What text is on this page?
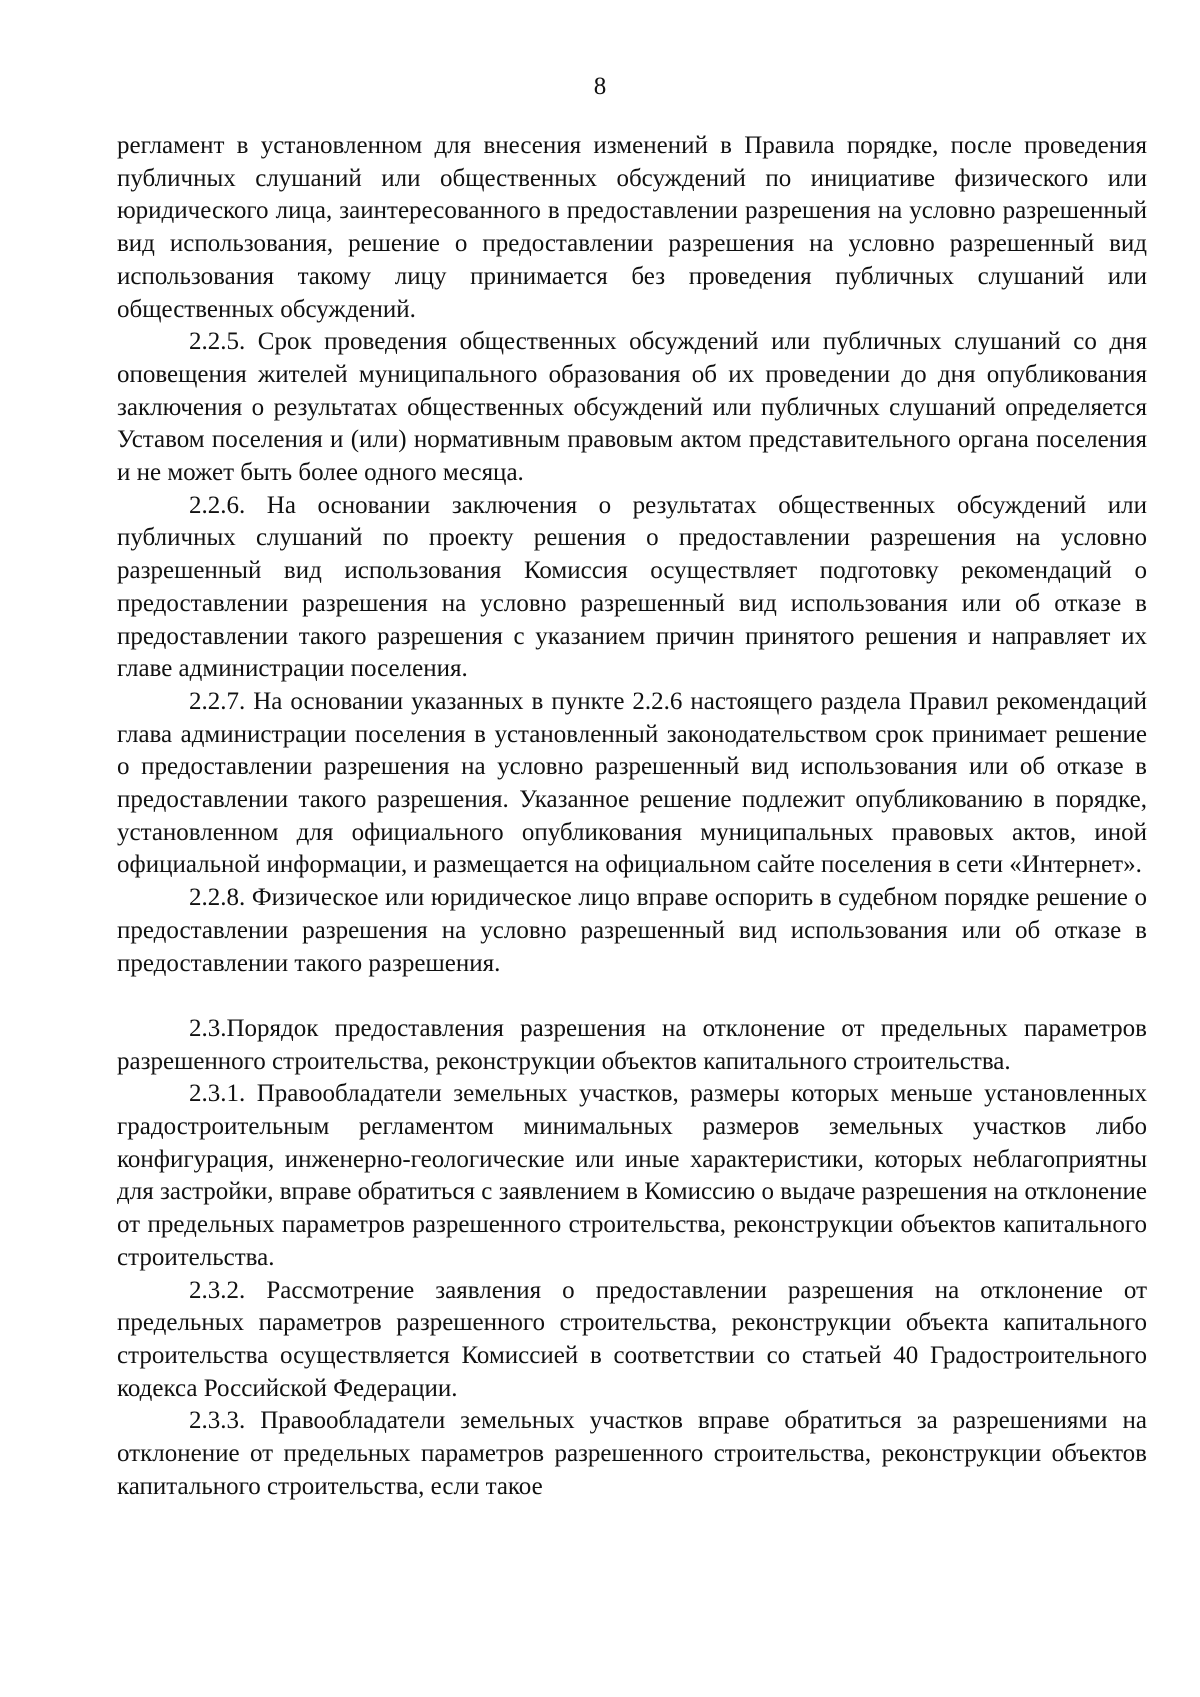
8

регламент в установленном для внесения изменений в Правила порядке, после проведения публичных слушаний или общественных обсуждений по инициативе физического или юридического лица, заинтересованного в предоставлении разрешения на условно разрешенный вид использования, решение о предоставлении разрешения на условно разрешенный вид использования такому лицу принимается без проведения публичных слушаний или общественных обсуждений.

2.2.5. Срок проведения общественных обсуждений или публичных слушаний со дня оповещения жителей муниципального образования об их проведении до дня опубликования заключения о результатах общественных обсуждений или публичных слушаний определяется Уставом поселения и (или) нормативным правовым актом представительного органа поселения и не может быть более одного месяца.

2.2.6. На основании заключения о результатах общественных обсуждений или публичных слушаний по проекту решения о предоставлении разрешения на условно разрешенный вид использования Комиссия осуществляет подготовку рекомендаций о предоставлении разрешения на условно разрешенный вид использования или об отказе в предоставлении такого разрешения с указанием причин принятого решения и направляет их главе администрации поселения.

2.2.7. На основании указанных в пункте 2.2.6 настоящего раздела Правил рекомендаций глава администрации поселения в установленный законодательством срок принимает решение о предоставлении разрешения на условно разрешенный вид использования или об отказе в предоставлении такого разрешения. Указанное решение подлежит опубликованию в порядке, установленном для официального опубликования муниципальных правовых актов, иной официальной информации, и размещается на официальном сайте поселения в сети «Интернет».

2.2.8. Физическое или юридическое лицо вправе оспорить в судебном порядке решение о предоставлении разрешения на условно разрешенный вид использования или об отказе в предоставлении такого разрешения.

2.3.Порядок предоставления разрешения на отклонение от предельных параметров разрешенного строительства, реконструкции объектов капитального строительства.

2.3.1. Правообладатели земельных участков, размеры которых меньше установленных градостроительным регламентом минимальных размеров земельных участков либо конфигурация, инженерно-геологические или иные характеристики, которых неблагоприятны для застройки, вправе обратиться с заявлением в Комиссию о выдаче разрешения на отклонение от предельных параметров разрешенного строительства, реконструкции объектов капитального строительства.

2.3.2. Рассмотрение заявления о предоставлении разрешения на отклонение от предельных параметров разрешенного строительства, реконструкции объекта капитального строительства осуществляется Комиссией в соответствии со статьей 40 Градостроительного кодекса Российской Федерации.

2.3.3. Правообладатели земельных участков вправе обратиться за разрешениями на отклонение от предельных параметров разрешенного строительства, реконструкции объектов капитального строительства, если такое
